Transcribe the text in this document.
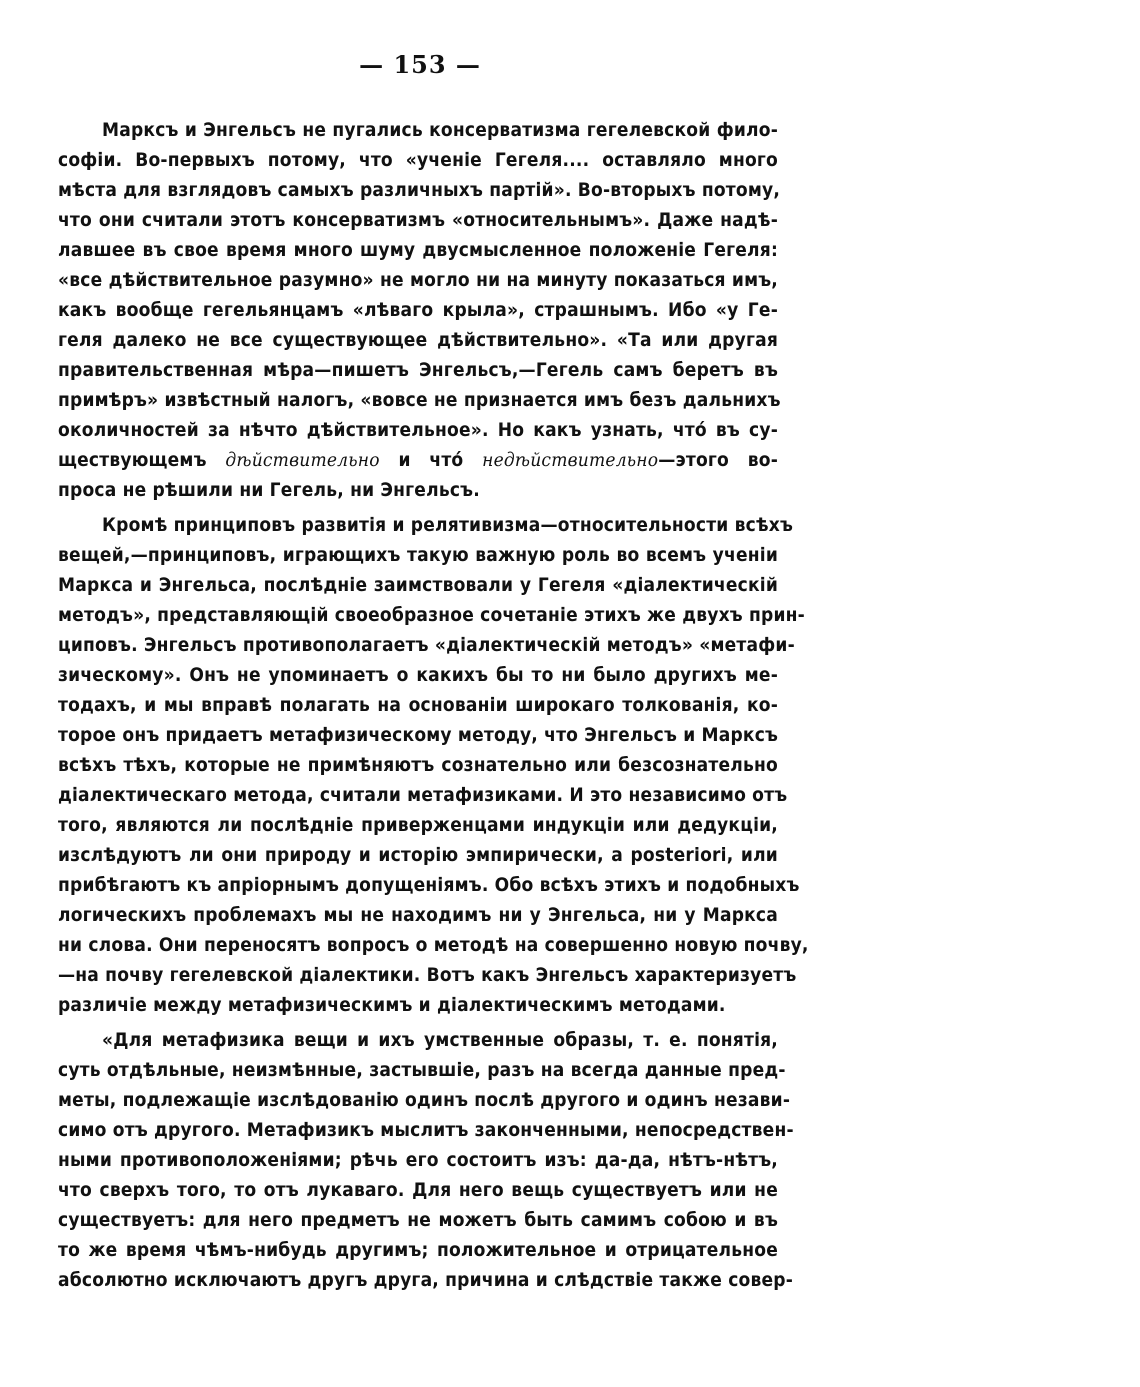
— 153 —
Марксъ и Энгельсъ не пугались консерватизма гегелевской фило-
софіи. Во-первыхъ потому, что «ученіе Гегеля.... оставляло много
мѣста для взглядовъ самыхъ различныхъ партій». Во-вторыхъ потому,
что они считали этотъ консерватизмъ «относительнымъ». Даже надѣ-
лавшее въ свое время много шуму двусмысленное положеніе Гегеля:
«все дѣйствительное разумно» не могло ни на минуту показаться имъ,
какъ вообще гегельянцамъ «лѣваго крыла», страшнымъ. Ибо «у Ге-
геля далеко не все существующее дѣйствительно». «Та или другая
правительственная мѣра—пишетъ Энгельсъ,—Гегель самъ беретъ въ
примѣръ» извѣстный налогъ, «вовсе не признается имъ безъ дальнихъ
околичностей за нѣчто дѣйствительное». Но какъ узнать, чтó въ су-
ществующемъ дѣйствительно и чтó недѣйствительно—этого во-
проса не рѣшили ни Гегель, ни Энгельсъ.
Кромѣ принциповъ развитія и релятивизма—относительности всѣхъ
вещей,—принциповъ, играющихъ такую важную роль во всемъ ученіи
Маркса и Энгельса, послѣдніе заимствовали у Гегеля «діалектическій
методъ», представляющій своеобразное сочетаніе этихъ же двухъ прин-
циповъ. Энгельсъ противополагаетъ «діалектическій методъ» «метафи-
зическому». Онъ не упоминаетъ о какихъ бы то ни было другихъ ме-
тодахъ, и мы вправѣ полагать на основаніи широкаго толкованія, ко-
торое онъ придаетъ метафизическому методу, что Энгельсъ и Марксъ
всѣхъ тѣхъ, которые не примѣняютъ сознательно или безсознательно
діалектическаго метода, считали метафизиками. И это независимо отъ
того, являются ли послѣдніе приверженцами индукціи или дедукціи,
изслѣдуютъ ли они природу и исторію эмпирически, a posteriori, или
прибѣгаютъ къ апріорнымъ допущеніямъ. Обо всѣхъ этихъ и подобныхъ
логическихъ проблемахъ мы не находимъ ни у Энгельса, ни у Маркса
ни слова. Они переносятъ вопросъ о методѣ на совершенно новую почву,
—на почву гегелевской діалектики. Вотъ какъ Энгельсъ характеризуетъ
различіе между метафизическимъ и діалектическимъ методами.
«Для метафизика вещи и ихъ умственные образы, т. е. понятія,
суть отдѣльные, неизмѣнные, застывшіе, разъ на всегда данные пред-
меты, подлежащіе изслѣдованію одинъ послѣ другого и одинъ незави-
симо отъ другого. Метафизикъ мыслитъ законченными, непосредствен-
ными противоположеніями; рѣчь его состоитъ изъ: да-да, нѣтъ-нѣтъ,
что сверхъ того, то отъ лукаваго. Для него вещь существуетъ или не
существуетъ: для него предметъ не можетъ быть самимъ собою и въ
то же время чѣмъ-нибудь другимъ; положительное и отрицательное
абсолютно исключаютъ другъ друга, причина и слѣдствіе также совер-
